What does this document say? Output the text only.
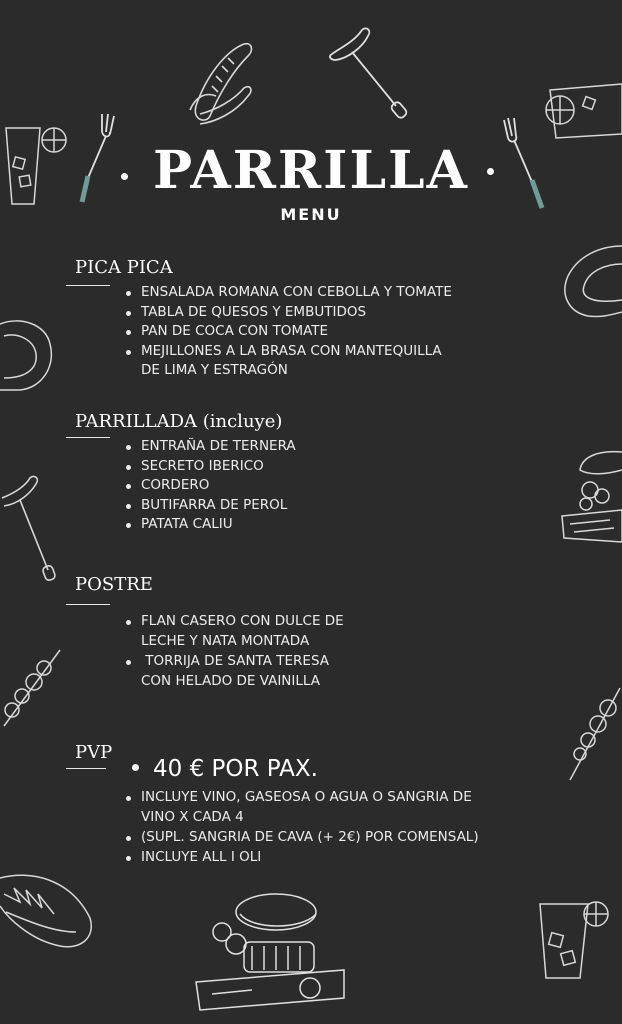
PARRILLA
MENU
PICA PICA
ENSALADA ROMANA CON CEBOLLA Y TOMATE
TABLA DE QUESOS Y EMBUTIDOS
PAN DE COCA CON TOMATE
MEJILLONES A LA BRASA CON MANTEQUILLA
DE LIMA Y ESTRAGÓN
PARRILLADA (incluye)
ENTRAÑA DE TERNERA
SECRETO IBERICO
CORDERO
BUTIFARRA DE PEROL
PATATA CALIU
POSTRE
FLAN CASERO CON DULCE DE
LECHE Y NATA MONTADA
TORRIJA DE SANTA TERESA
CON HELADO DE VAINILLA
PVP
40 € POR PAX.
INCLUYE VINO, GASEOSA O AGUA O SANGRIA DE
VINO X CADA 4
(SUPL. SANGRIA DE CAVA (+ 2€) POR COMENSAL)
INCLUYE ALL I OLI
